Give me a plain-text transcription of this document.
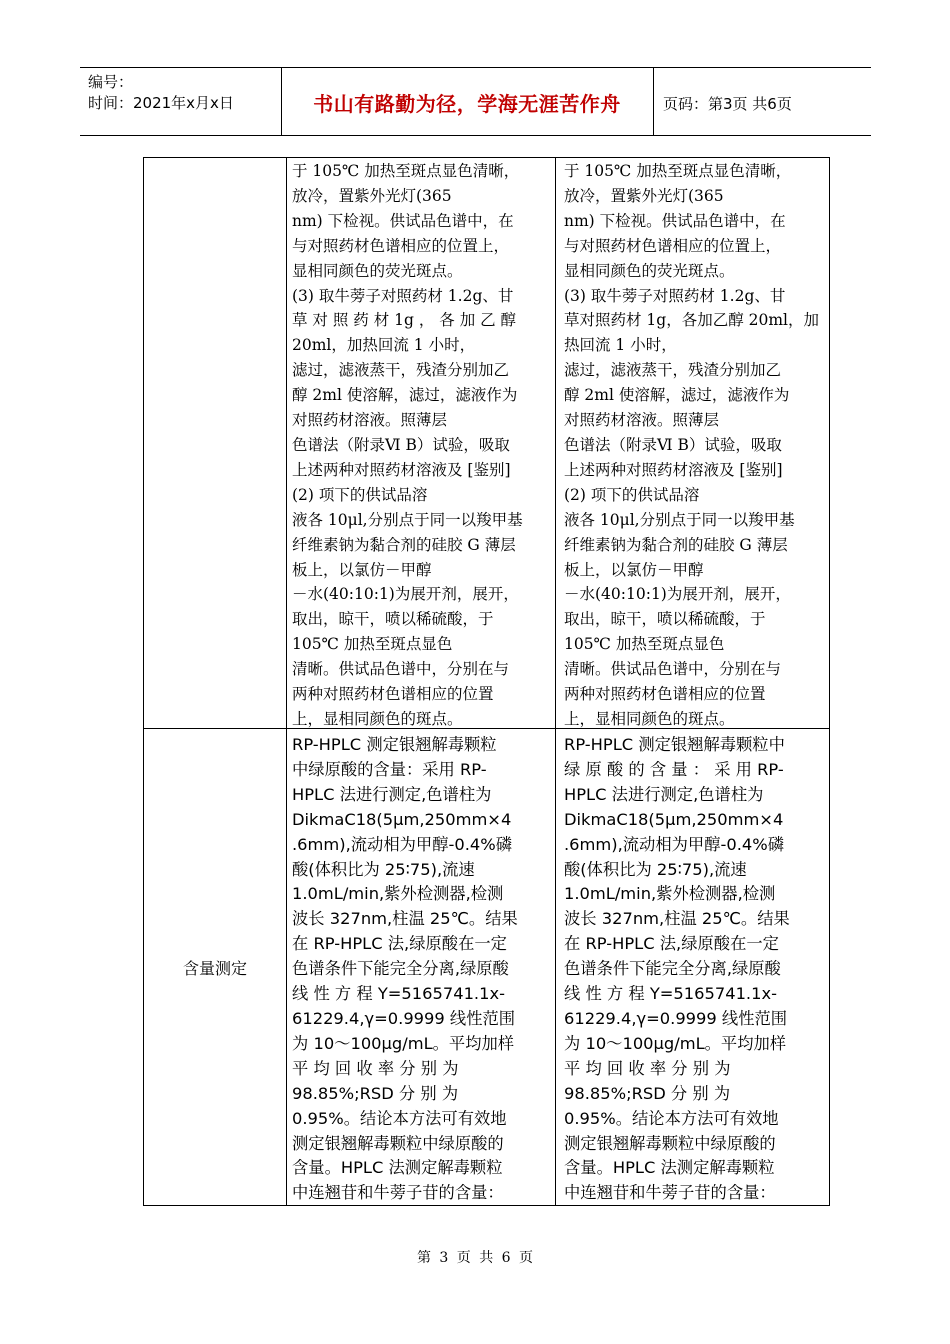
编号：
时间：2021年x月x日	书山有路勤为径，学海无涯苦作舟	页码：第3页 共6页
于 105℃ 加热至斑点显色清晰，
放冷，置紫外光灯(365
nm) 下检视。供试品色谱中，在
与对照药材色谱相应的位置上，
显相同颜色的荧光斑点。
(3) 取牛蒡子对照药材 1.2g、甘
草 对 照 药 材 1g ， 各 加 乙 醇
20ml，加热回流 1 小时，
滤过，滤液蒸干，残渣分别加乙
醇 2ml 使溶解，滤过，滤液作为
对照药材溶液。照薄层
色谱法（附录Ⅵ B）试验，吸取
上述两种对照药材溶液及 [鉴别]
(2) 项下的供试品溶
液各 10μl,分别点于同一以羧甲基
纤维素钠为黏合剂的硅胶 G 薄层
板上，以氯仿－甲醇
－水(40:10:1)为展开剂，展开，
取出，晾干，喷以稀硫酸，于
105℃ 加热至斑点显色
清晰。供试品色谱中，分别在与
两种对照药材色谱相应的位置
上，显相同颜色的斑点。
于 105℃ 加热至斑点显色清晰，
放冷，置紫外光灯(365
nm) 下检视。供试品色谱中，在
与对照药材色谱相应的位置上，
显相同颜色的荧光斑点。
(3) 取牛蒡子对照药材 1.2g、甘
草对照药材 1g，各加乙醇 20ml，加
热回流 1 小时，
滤过，滤液蒸干，残渣分别加乙
醇 2ml 使溶解，滤过，滤液作为
对照药材溶液。照薄层
色谱法（附录Ⅵ B）试验，吸取
上述两种对照药材溶液及 [鉴别]
(2) 项下的供试品溶
液各 10μl,分别点于同一以羧甲基
纤维素钠为黏合剂的硅胶 G 薄层
板上，以氯仿－甲醇
－水(40:10:1)为展开剂，展开，
取出，晾干，喷以稀硫酸，于
105℃ 加热至斑点显色
清晰。供试品色谱中，分别在与
两种对照药材色谱相应的位置
上，显相同颜色的斑点。
含量测定
RP-HPLC 测定银翘解毒颗粒
中绿原酸的含量：采用 RP-
HPLC 法进行测定,色谱柱为
DikmaC18(5μm,250mm×4
.6mm),流动相为甲醇-0.4%磷
酸(体积比为 25∶75),流速
1.0mL/min,紫外检测器,检测
波长 327nm,柱温 25℃。结果
在 RP-HPLC 法,绿原酸在一定
色谱条件下能完全分离,绿原酸
线 性 方 程 Y=5165741.1x-
61229.4,γ=0.9999 线性范围
为 10～100μg/mL。平均加样
平 均 回 收 率 分 别 为
98.85%;RSD 分 别 为
0.95%。结论本方法可有效地
测定银翘解毒颗粒中绿原酸的
含量。HPLC 法测定解毒颗粒
中连翘苷和牛蒡子苷的含量：
RP-HPLC 测定银翘解毒颗粒中
绿 原 酸 的 含 量 ： 采 用 RP-
HPLC 法进行测定,色谱柱为
DikmaC18(5μm,250mm×4
.6mm),流动相为甲醇-0.4%磷
酸(体积比为 25∶75),流速
1.0mL/min,紫外检测器,检测
波长 327nm,柱温 25℃。结果
在 RP-HPLC 法,绿原酸在一定
色谱条件下能完全分离,绿原酸
线 性 方 程 Y=5165741.1x-
61229.4,γ=0.9999 线性范围
为 10～100μg/mL。平均加样
平 均 回 收 率 分 别 为
98.85%;RSD 分 别 为
0.95%。结论本方法可有效地
测定银翘解毒颗粒中绿原酸的
含量。HPLC 法测定解毒颗粒
中连翘苷和牛蒡子苷的含量：
第 3 页 共 6 页
